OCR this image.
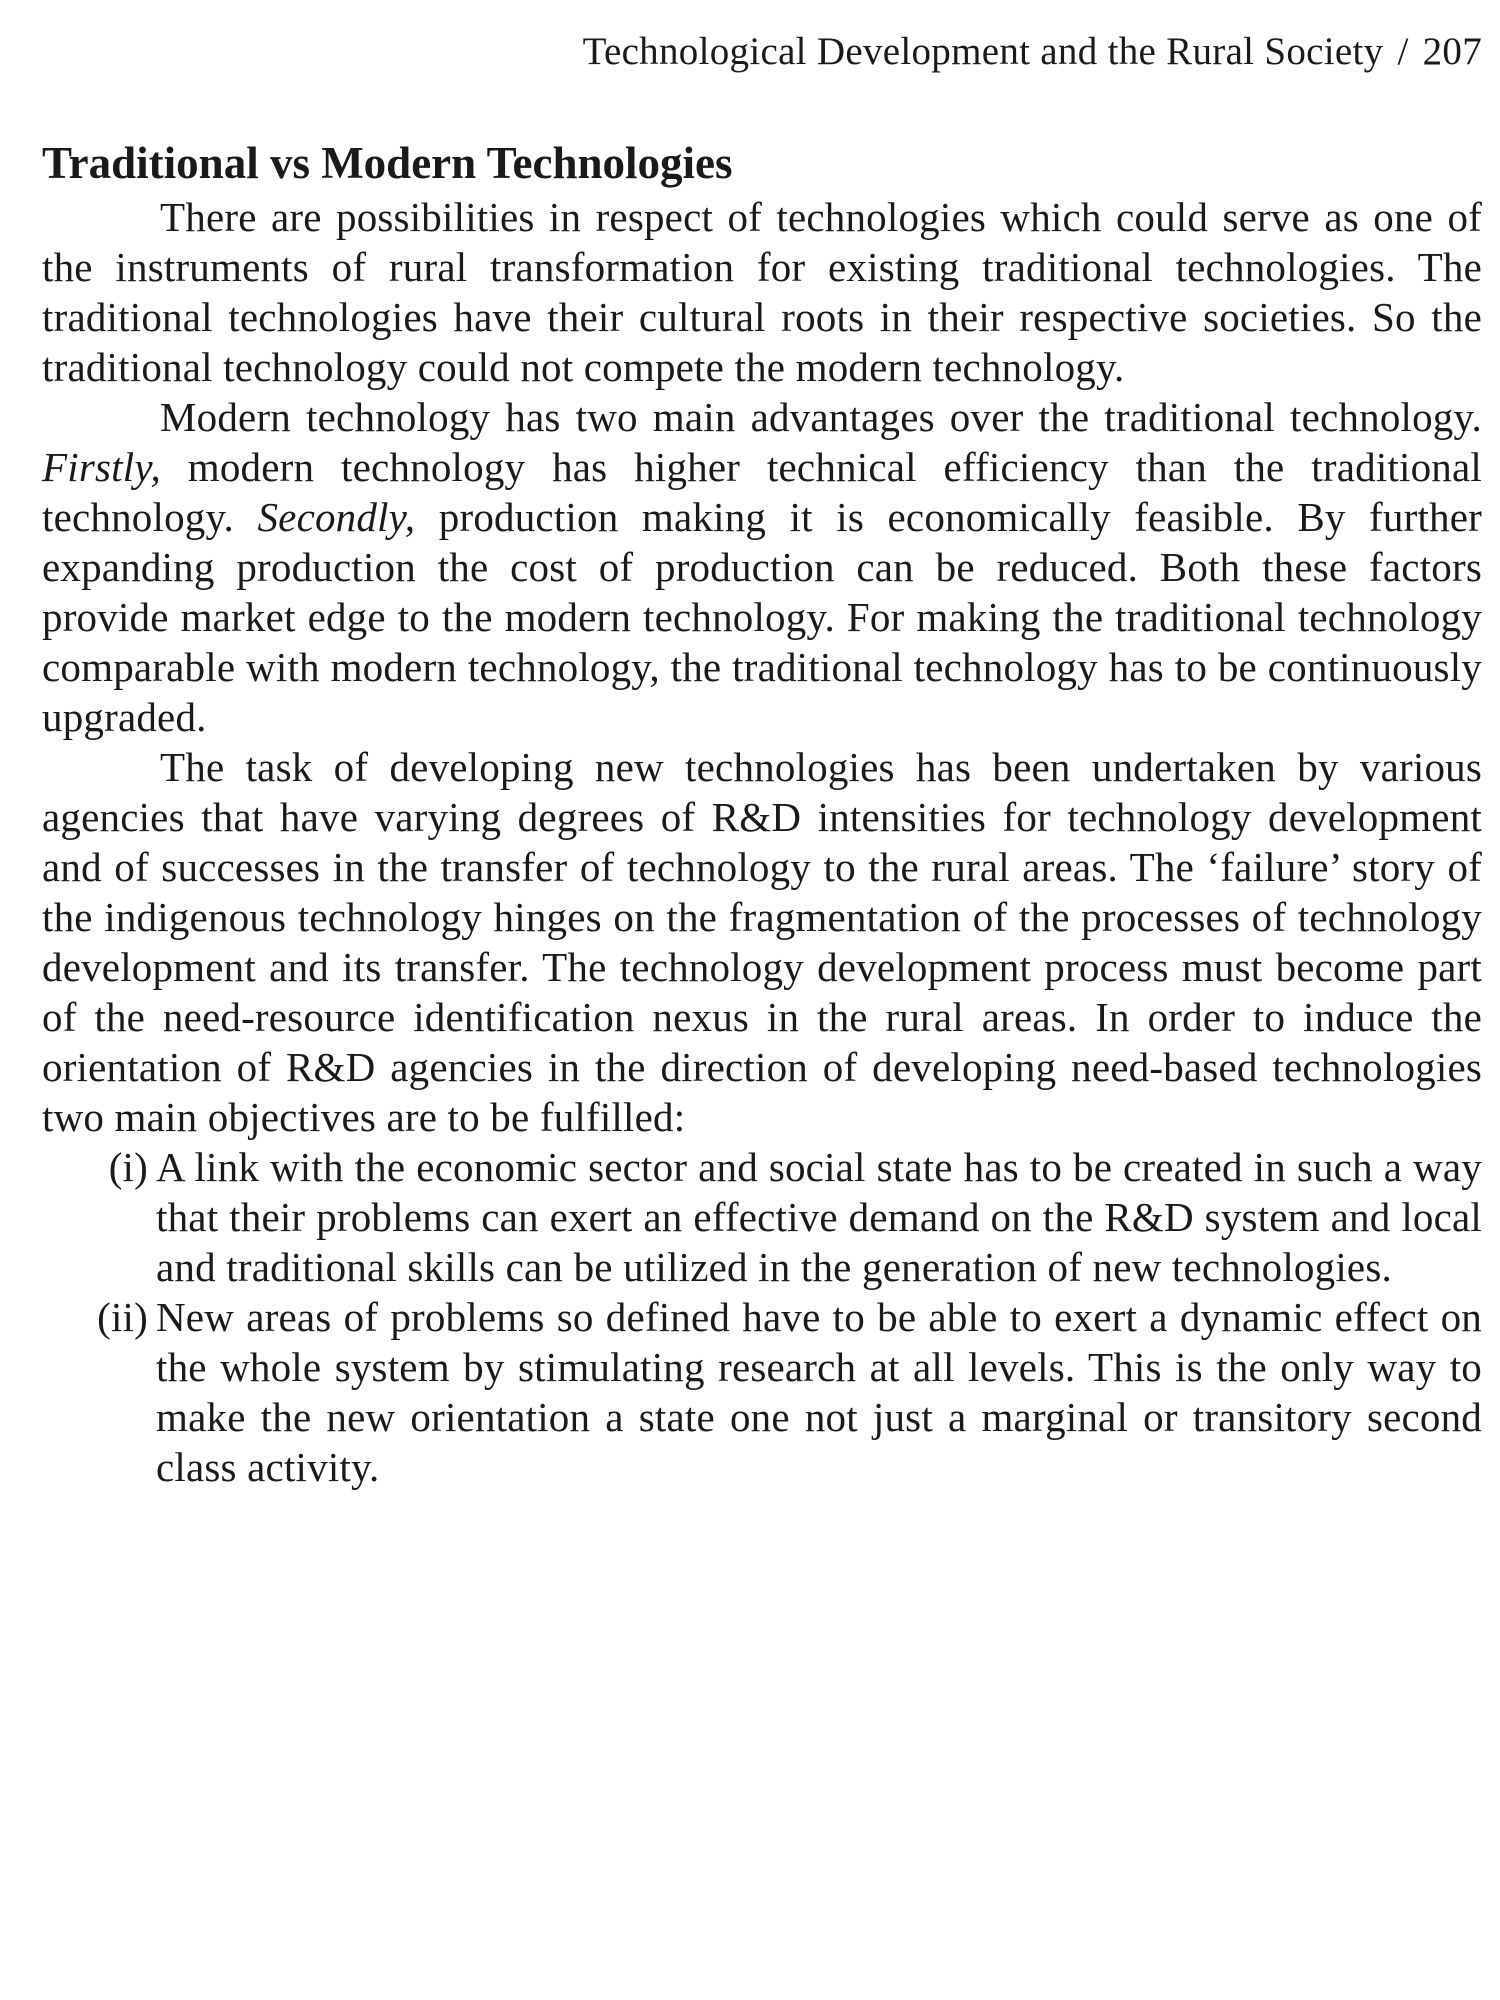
Technological Development and the Rural Society / 207
Traditional vs Modern Technologies

There are possibilities in respect of technologies which could serve as one of the instruments of rural transformation for existing traditional technologies. The traditional technologies have their cultural roots in their respective societies. So the traditional technology could not compete the modern technology.

Modern technology has two main advantages over the traditional technology. Firstly, modern technology has higher technical efficiency than the traditional technology. Secondly, production making it is economically feasible. By further expanding production the cost of production can be reduced. Both these factors provide market edge to the modern technology. For making the traditional technology comparable with modern technology, the traditional technology has to be continuously upgraded.

The task of developing new technologies has been undertaken by various agencies that have varying degrees of R&D intensities for technology development and of successes in the transfer of technology to the rural areas. The ‘failure’ story of the indigenous technology hinges on the fragmentation of the processes of technology development and its transfer. The technology development process must become part of the need-resource identification nexus in the rural areas. In order to induce the orientation of R&D agencies in the direction of developing need-based technologies two main objectives are to be fulfilled:

(i) A link with the economic sector and social state has to be created in such a way that their problems can exert an effective demand on the R&D system and local and traditional skills can be utilized in the generation of new technologies.
(ii) New areas of problems so defined have to be able to exert a dynamic effect on the whole system by stimulating research at all levels. This is the only way to make the new orientation a state one not just a marginal or transitory second class activity.
